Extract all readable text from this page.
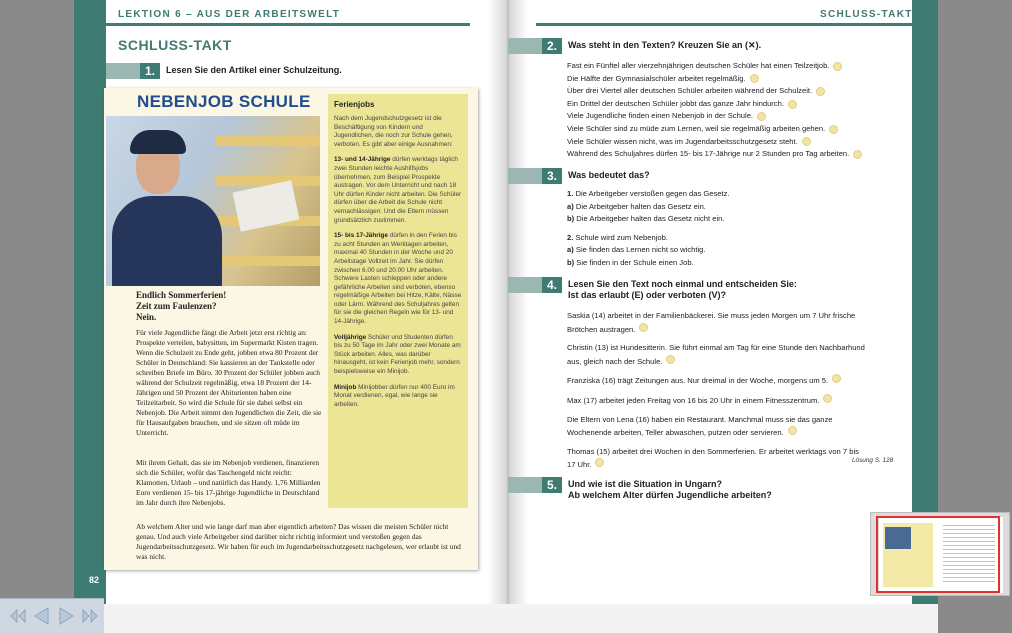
LEKTION 6 – AUS DER ARBEITSWELT
SCHLUSS-TAKT
1.	Lesen Sie den Artikel einer Schulzeitung.
NEBENJOB SCHULE
Endlich Sommerferien!
Zeit zum Faulenzen?
Nein.
Für viele Jugendliche fängt die Arbeit jetzt erst richtig an: Prospekte verteilen, babysitten, im Supermarkt Kisten tragen. Wenn die Schulzeit zu Ende geht, jobben etwa 80 Prozent der Schüler in Deutschland: Sie kassieren an der Tankstelle oder schreiben Briefe im Büro. 30 Prozent der Schüler jobben auch während der Schulzeit regelmäßig, etwa 18 Prozent der 14-Jährigen und 50 Prozent der Abiturienten haben eine Teilzeitarbeit. So wird die Schule für sie dabei selbst ein Nebenjob. Die Arbeit nimmt den Jugendlichen die Zeit, die sie für Hausaufgaben brauchen, und sie sitzen oft müde im Unterricht.
Mit ihrem Gehalt, das sie im Nebenjob verdienen, finanzieren sich die Schüler, wofür das Taschengeld nicht reicht: Klamotten, Urlaub – und natürlich das Handy. 1,76 Milliarden Euro verdienen 15- bis 17-jährige Jugendliche in Deutschland im Jahr durch ihre Nebenjobs.
Ab welchem Alter und wie lange darf man aber eigentlich arbeiten? Das wissen die meisten Schüler nicht genau. Und auch viele Arbeitgeber sind darüber nicht richtig informiert und verstoßen gegen das Jugendarbeitsschutzgesetz. Wir haben für euch im Jugendarbeitsschutzgesetz nachgelesen, wer erlaubt ist und was nicht.
Ferienjobs
Nach dem Jugendschutzgesetz ist die Beschäftigung von Kindern und Jugendlichen, die noch zur Schule gehen, verboten. Es gibt aber einige Ausnahmen:
13- und 14-Jährige dürfen werktags täglich zwei Stunden leichte Aushilfsjobs übernehmen, zum Beispiel Prospekte austragen. Vor dem Unterricht und nach 18 Uhr dürfen Kinder nicht arbeiten. Die Schüler dürfen über die Arbeit die Schule nicht vernachlässigen: Und die Eltern müssen grundsätzlich zustimmen.
15- bis 17-Jährige dürfen in den Ferien bis zu acht Stunden an Werktagen arbeiten, maximal 40 Stunden in der Woche und 20 Arbeitstage Vollzeit im Jahr. Sie dürfen zwischen 6.00 und 20.00 Uhr arbeiten. Schwere Lasten schleppen oder andere gefährliche Arbeiten sind verboten, ebenso regelmäßige Arbeiten bei Hitze, Kälte, Nässe oder Lärm. Während des Schuljahres gelten für sie die gleichen Regeln wie für 13- und 14-Jährige.
Volljährige Schüler und Studenten dürfen bis zu 50 Tage im Jahr oder zwei Monate am Stück arbeiten. Alles, was darüber hinausgeht, ist kein Ferienjob mehr, sondern beispielsweise ein Minijob.
Minijob Minijobber dürfen nur 400 Euro im Monat verdienen, egal, wie lange sie arbeiten.
82
SCHLUSS-TAKT
2.	Was steht in den Texten? Kreuzen Sie an (✕).
Fast ein Fünftel aller vierzehnjährigen deutschen Schüler hat einen Teilzeitjob.
Die Hälfte der Gymnasialschüler arbeitet regelmäßig.
Über drei Viertel aller deutschen Schüler arbeiten während der Schulzeit.
Ein Drittel der deutschen Schüler jobbt das ganze Jahr hindurch.
Viele Jugendliche finden einen Nebenjob in der Schule.
Viele Schüler sind zu müde zum Lernen, weil sie regelmäßig arbeiten gehen.
Viele Schüler wissen nicht, was im Jugendarbeitsschutzgesetz steht.
Während des Schuljahres dürfen 15- bis 17-Jährige nur 2 Stunden pro Tag arbeiten.
3.	Was bedeutet das?
1.
Die Arbeitgeber verstoßen gegen das Gesetz.
a)
Die Arbeitgeber halten das Gesetz ein.
b)
Die Arbeitgeber halten das Gesetz nicht ein.
2.
Schule wird zum Nebenjob.
a)
Sie finden das Lernen nicht so wichtig.
b)
Sie finden in der Schule einen Job.
4.	Lesen Sie den Text noch einmal und entscheiden Sie:
Ist das erlaubt (E) oder verboten (V)?
Saskia (14) arbeitet in der Familienbäckerei. Sie muss jeden Morgen um 7 Uhr frische Brötchen austragen.
Christin (13) ist Hundesitterin. Sie führt einmal am Tag für eine Stunde den Nachbarhund aus, gleich nach der Schule.
Franziska (16) trägt Zeitungen aus. Nur dreimal in der Woche, morgens um 5.
Max (17) arbeitet jeden Freitag von 16 bis 20 Uhr in einem Fitnesszentrum.
Die Eltern von Lena (16) haben ein Restaurant. Manchmal muss sie das ganze Wochenende arbeiten, Teller abwaschen, putzen oder servieren.
Thomas (15) arbeitet drei Wochen in den Sommerferien. Er arbeitet werktags von 7 bis 17 Uhr.	Lösung S. 128
5.	Und wie ist die Situation in Ungarn?
Ab welchem Alter dürfen Jugendliche arbeiten?
